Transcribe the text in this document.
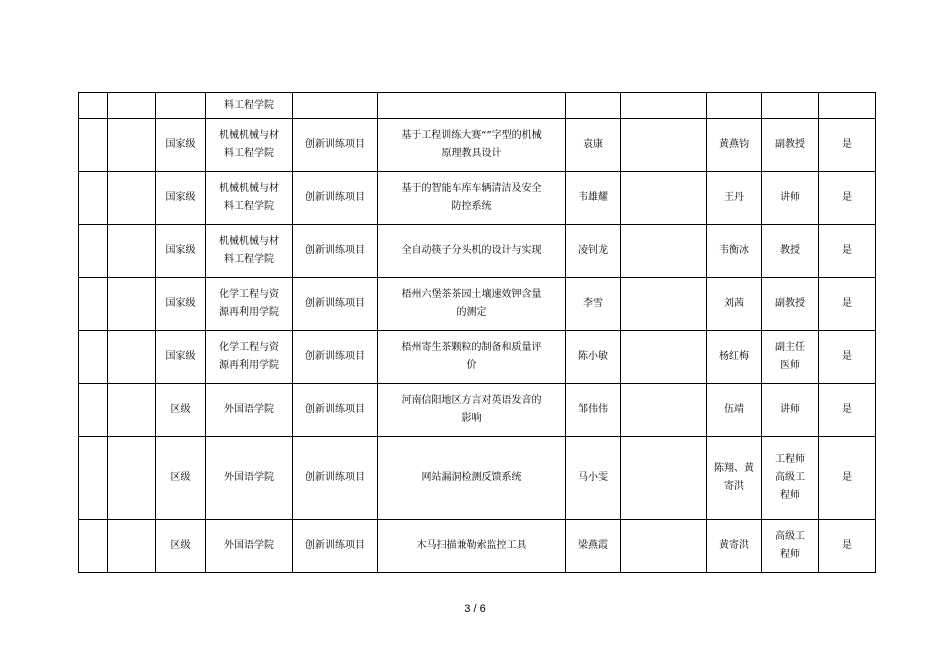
			料工程学院							
		国家级	机械机械与材
料工程学院	创新训练项目	基于工程训练大赛“”字型的机械
原理教具设计	袁康		黄燕钧	副教授	是
		国家级	机械机械与材
料工程学院	创新训练项目	基于的智能车库车辆清洁及安全
防控系统	韦雄耀		王丹	讲师	是
		国家级	机械机械与材
料工程学院	创新训练项目	全自动筷子分头机的设计与实现	凌钊龙		韦衡冰	教授	是
		国家级	化学工程与资
源再利用学院	创新训练项目	梧州六堡茶茶园土壤速效钾含量
的测定	李雪		刘茜	副教授	是
		国家级	化学工程与资
源再利用学院	创新训练项目	梧州寄生茶颗粒的制备和质量评
价	陈小敏		杨红梅	副主任
医师	是
		区级	外国语学院	创新训练项目	河南信阳地区方言对英语发音的
影响	邹伟伟		伍靖	讲师	是
		区级	外国语学院	创新训练项目	网站漏洞检测反馈系统	马小雯		陈翔、黄
寄洪	工程师
高级工
程师	是
		区级	外国语学院	创新训练项目	木马扫描兼勒索监控工具	梁燕霞		黄寄洪	高级工
程师	是
3 / 6
